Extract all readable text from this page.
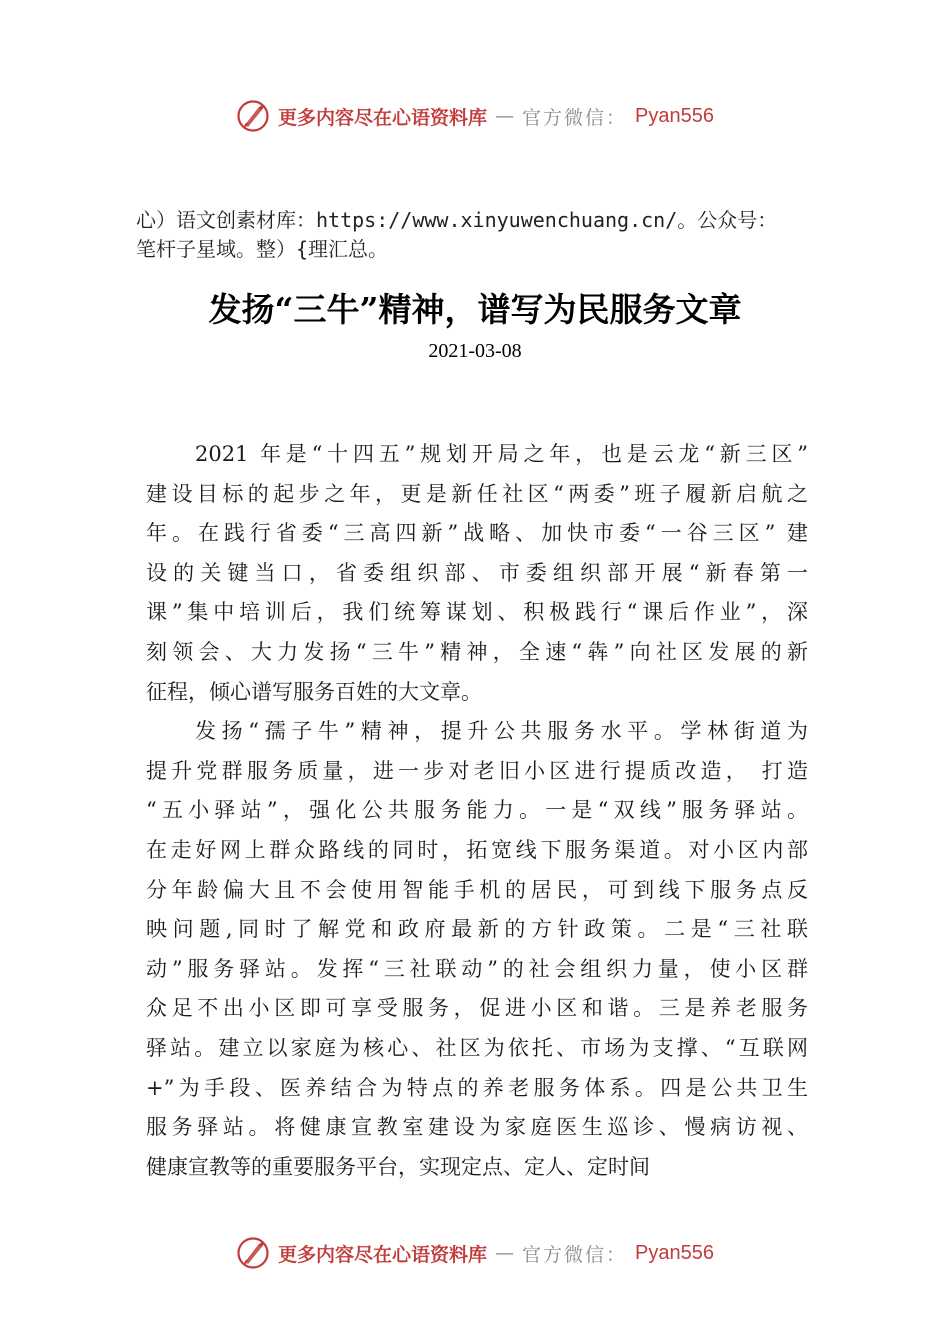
更多内容尽在心语资料库 — 官方微信： Pyan556
心）语文创素材库：https://www.xinyuwenchuang.cn/。公众号：
笔杆子星域。整）{理汇总。
发扬“三牛”精神，谱写为民服务文章
2021-03-08
2021 年是“十四五”规划开局之年，也是云龙“新三区”
建设目标的起步之年，更是新任社区“两委”班子履新启航之
年。在践行省委“三高四新”战略、加快市委“一谷三区” 建
设的关键当口，省委组织部、市委组织部开展“新春第一
课”集中培训后，我们统筹谋划、积极践行“课后作业”，深
刻领会、大力发扬“三牛”精神，全速“犇”向社区发展的新
征程，倾心谱写服务百姓的大文章。
发扬“孺子牛”精神，提升公共服务水平。学林街道为
提升党群服务质量，进一步对老旧小区进行提质改造， 打造
“五小驿站”，强化公共服务能力。一是“双线”服务驿站。
在走好网上群众路线的同时，拓宽线下服务渠道。对小区内部
分年龄偏大且不会使用智能手机的居民，可到线下服务点反
映问题,同时了解党和政府最新的方针政策。二是“三社联
动”服务驿站。发挥“三社联动”的社会组织力量，使小区群
众足不出小区即可享受服务，促进小区和谐。三是养老服务
驿站。建立以家庭为核心、社区为依托、市场为支撑、“互联网
+”为手段、医养结合为特点的养老服务体系。四是公共卫生
服务驿站。将健康宣教室建设为家庭医生巡诊、慢病访视、
健康宣教等的重要服务平台，实现定点、定人、定时间
更多内容尽在心语资料库 — 官方微信： Pyan556
